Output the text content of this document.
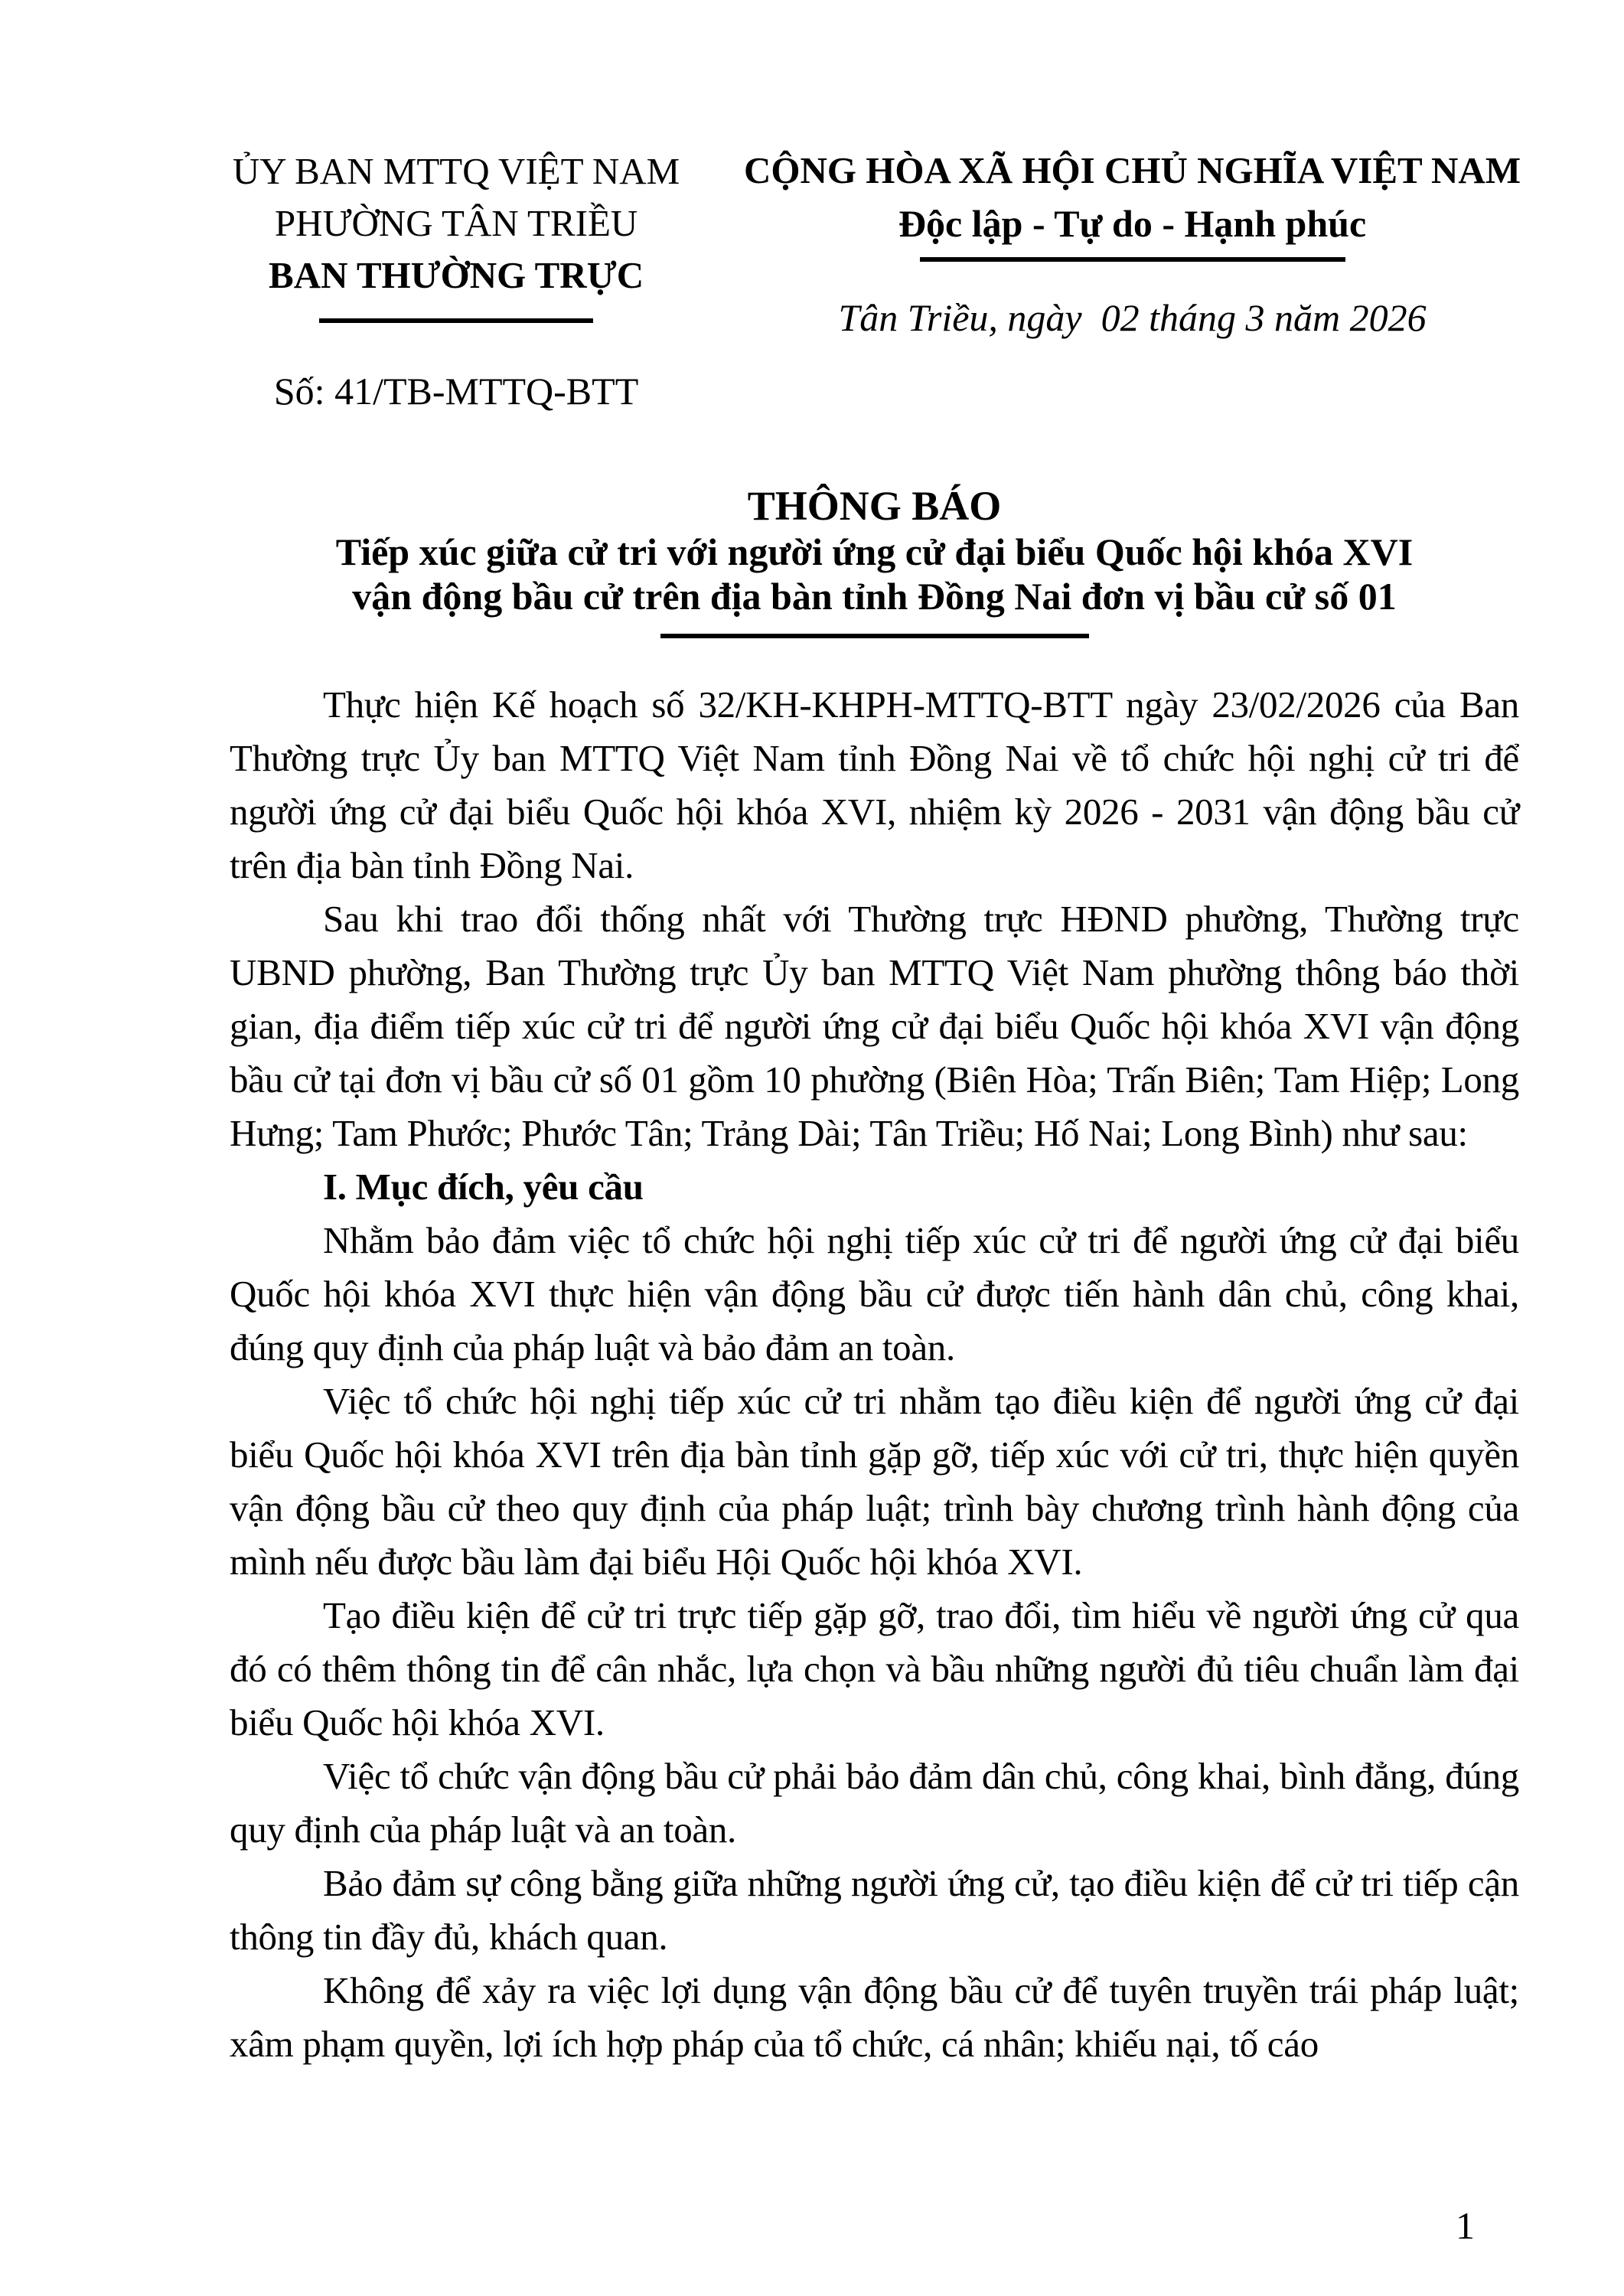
ỦY BAN MTTQ VIỆT NAM
PHƯỜNG TÂN TRIỀU
BAN THƯỜNG TRỰC
Số: 41/TB-MTTQ-BTT
CỘNG HÒA XÃ HỘI CHỦ NGHĨA VIỆT NAM
Độc lập - Tự do - Hạnh phúc
Tân Triều, ngày  02 tháng 3 năm 2026
THÔNG BÁO
Tiếp xúc giữa cử tri với người ứng cử đại biểu Quốc hội khóa XVI
vận động bầu cử trên địa bàn tỉnh Đồng Nai đơn vị bầu cử số 01

Thực hiện Kế hoạch số 32/KH-KHPH-MTTQ-BTT ngày 23/02/2026 của Ban Thường trực Ủy ban MTTQ Việt Nam tỉnh Đồng Nai về tổ chức hội nghị cử tri để người ứng cử đại biểu Quốc hội khóa XVI, nhiệm kỳ 2026 - 2031 vận động bầu cử trên địa bàn tỉnh Đồng Nai.

Sau khi trao đổi thống nhất với Thường trực HĐND phường, Thường trực UBND phường, Ban Thường trực Ủy ban MTTQ Việt Nam phường thông báo thời gian, địa điểm tiếp xúc cử tri để người ứng cử đại biểu Quốc hội khóa XVI vận động bầu cử tại đơn vị bầu cử số 01 gồm 10 phường (Biên Hòa; Trấn Biên; Tam Hiệp; Long Hưng; Tam Phước; Phước Tân; Trảng Dài; Tân Triều; Hố Nai; Long Bình) như sau:

I. Mục đích, yêu cầu

Nhằm bảo đảm việc tổ chức hội nghị tiếp xúc cử tri để người ứng cử đại biểu Quốc hội khóa XVI thực hiện vận động bầu cử được tiến hành dân chủ, công khai, đúng quy định của pháp luật và bảo đảm an toàn.

Việc tổ chức hội nghị tiếp xúc cử tri nhằm tạo điều kiện để người ứng cử đại biểu Quốc hội khóa XVI trên địa bàn tỉnh gặp gỡ, tiếp xúc với cử tri, thực hiện quyền vận động bầu cử theo quy định của pháp luật; trình bày chương trình hành động của mình nếu được bầu làm đại biểu Hội Quốc hội khóa XVI.

Tạo điều kiện để cử tri trực tiếp gặp gỡ, trao đổi, tìm hiểu về người ứng cử qua đó có thêm thông tin để cân nhắc, lựa chọn và bầu những người đủ tiêu chuẩn làm đại biểu Quốc hội khóa XVI.

Việc tổ chức vận động bầu cử phải bảo đảm dân chủ, công khai, bình đẳng, đúng quy định của pháp luật và an toàn.

Bảo đảm sự công bằng giữa những người ứng cử, tạo điều kiện để cử tri tiếp cận thông tin đầy đủ, khách quan.

Không để xảy ra việc lợi dụng vận động bầu cử để tuyên truyền trái pháp luật; xâm phạm quyền, lợi ích hợp pháp của tổ chức, cá nhân; khiếu nại, tố cáo

1
